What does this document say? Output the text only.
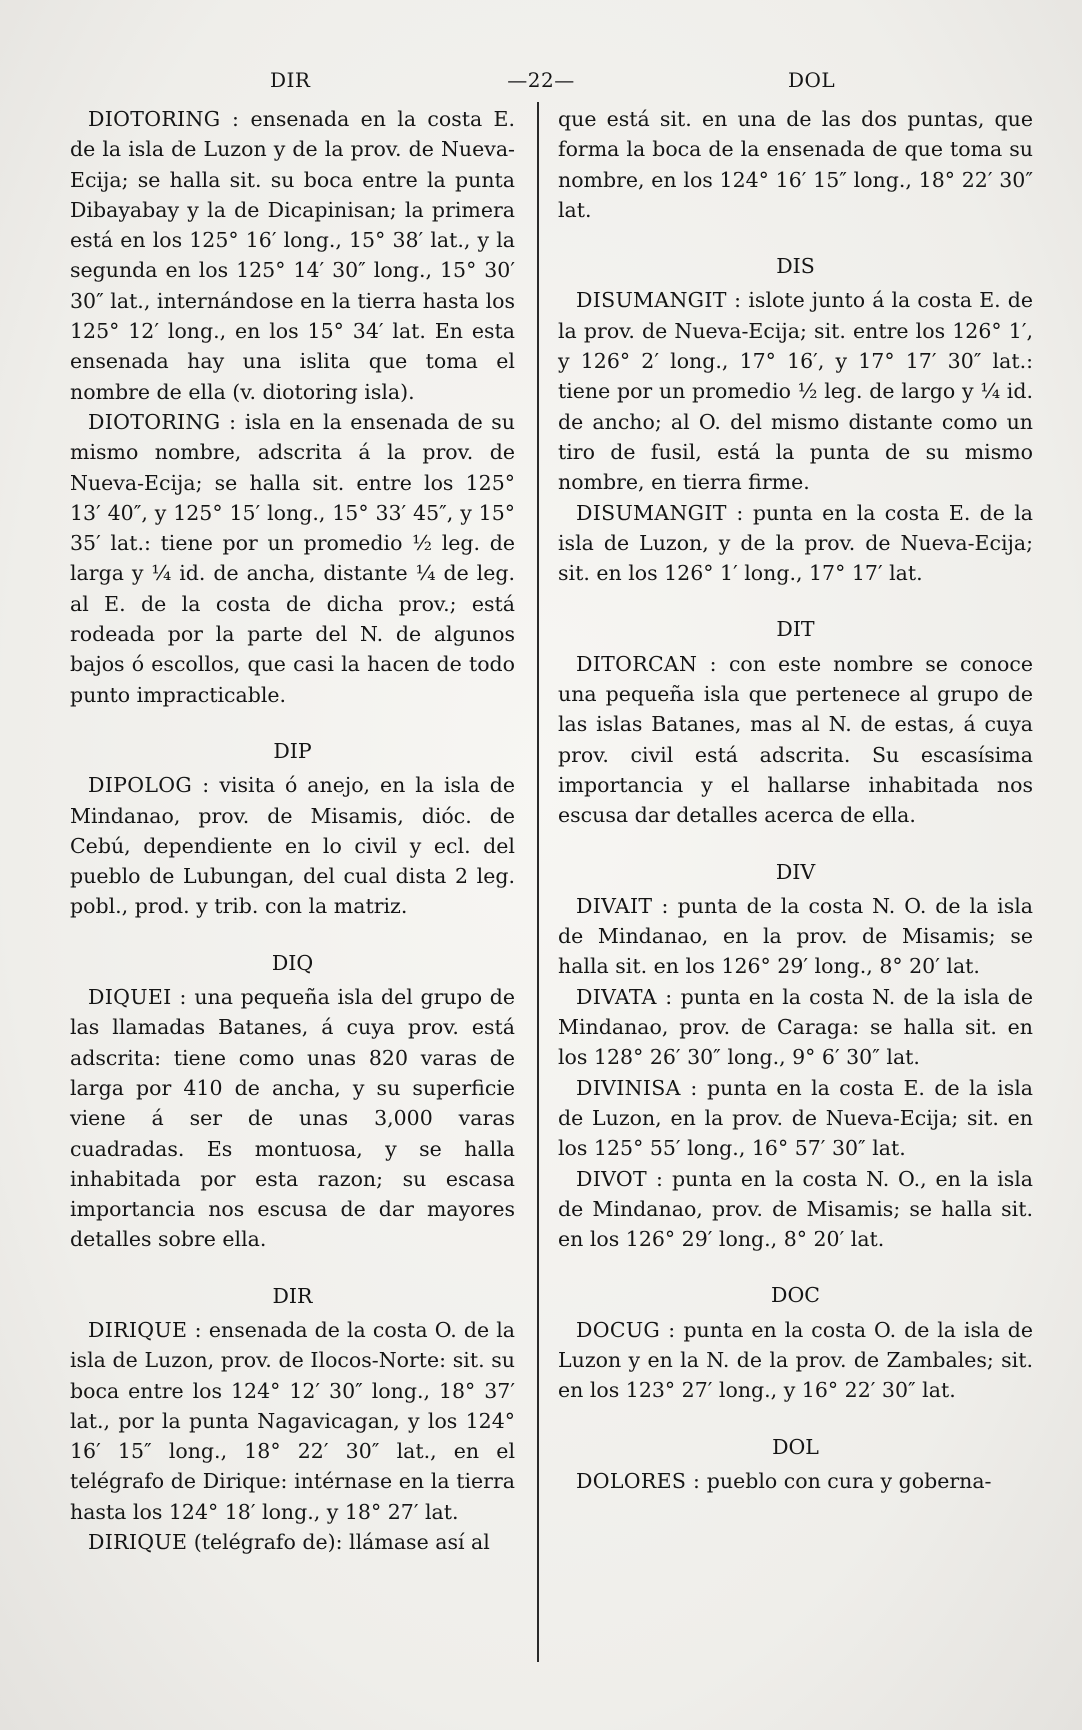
DIR	—22—	DOL

DIOTORING : ensenada en la costa E. de la isla de Luzon y de la prov. de Nueva-Ecija; se halla sit. su boca entre la punta Dibayabay y la de Dicapinisan; la primera está en los 125° 16′ long., 15° 38′ lat., y la segunda en los 125° 14′ 30″ long., 15° 30′ 30″ lat., internándose en la tierra hasta los 125° 12′ long., en los 15° 34′ lat. En esta ensenada hay una islita que toma el nombre de ella (v. diotoring isla).

DIOTORING : isla en la ensenada de su mismo nombre, adscrita á la prov. de Nueva-Ecija; se halla sit. entre los 125° 13′ 40″, y 125° 15′ long., 15° 33′ 45″, y 15° 35′ lat.: tiene por un promedio ½ leg. de larga y ¼ id. de ancha, distante ¼ de leg. al E. de la costa de dicha prov.; está rodeada por la parte del N. de algunos bajos ó escollos, que casi la hacen de todo punto impracticable.

DIP

DIPOLOG : visita ó anejo, en la isla de Mindanao, prov. de Misamis, dióc. de Cebú, dependiente en lo civil y ecl. del pueblo de Lubungan, del cual dista 2 leg. pobl., prod. y trib. con la matriz.

DIQ

DIQUEI : una pequeña isla del grupo de las llamadas Batanes, á cuya prov. está adscrita: tiene como unas 820 varas de larga por 410 de ancha, y su superficie viene á ser de unas 3,000 varas cuadradas. Es montuosa, y se halla inhabitada por esta razon; su escasa importancia nos escusa de dar mayores detalles sobre ella.

DIR

DIRIQUE : ensenada de la costa O. de la isla de Luzon, prov. de Ilocos-Norte: sit. su boca entre los 124° 12′ 30″ long., 18° 37′ lat., por la punta Nagavicagan, y los 124° 16′ 15″ long., 18° 22′ 30″ lat., en el telégrafo de Dirique: intérnase en la tierra hasta los 124° 18′ long., y 18° 27′ lat.

DIRIQUE (telégrafo de): llámase así al

que está sit. en una de las dos puntas, que forma la boca de la ensenada de que toma su nombre, en los 124° 16′ 15″ long., 18° 22′ 30″ lat.

DIS

DISUMANGIT : islote junto á la costa E. de la prov. de Nueva-Ecija; sit. entre los 126° 1′, y 126° 2′ long., 17° 16′, y 17° 17′ 30″ lat.: tiene por un promedio ½ leg. de largo y ¼ id. de ancho; al O. del mismo distante como un tiro de fusil, está la punta de su mismo nombre, en tierra firme.

DISUMANGIT : punta en la costa E. de la isla de Luzon, y de la prov. de Nueva-Ecija; sit. en los 126° 1′ long., 17° 17′ lat.

DIT

DITORCAN : con este nombre se conoce una pequeña isla que pertenece al grupo de las islas Batanes, mas al N. de estas, á cuya prov. civil está adscrita. Su escasísima importancia y el hallarse inhabitada nos escusa dar detalles acerca de ella.

DIV

DIVAIT : punta de la costa N. O. de la isla de Mindanao, en la prov. de Misamis; se halla sit. en los 126° 29′ long., 8° 20′ lat.

DIVATA : punta en la costa N. de la isla de Mindanao, prov. de Caraga: se halla sit. en los 128° 26′ 30″ long., 9° 6′ 30″ lat.

DIVINISA : punta en la costa E. de la isla de Luzon, en la prov. de Nueva-Ecija; sit. en los 125° 55′ long., 16° 57′ 30″ lat.

DIVOT : punta en la costa N. O., en la isla de Mindanao, prov. de Misamis; se halla sit. en los 126° 29′ long., 8° 20′ lat.

DOC

DOCUG : punta en la costa O. de la isla de Luzon y en la N. de la prov. de Zambales; sit. en los 123° 27′ long., y 16° 22′ 30″ lat.

DOL

DOLORES : pueblo con cura y goberna-
